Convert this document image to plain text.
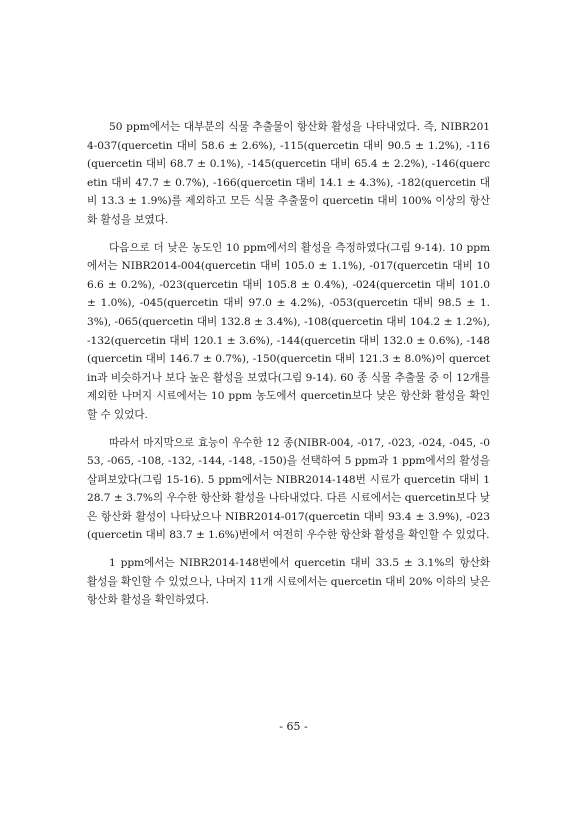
50 ppm에서는 대부분의 식물 추출물이 항산화 활성을 나타내었다. 즉, NIBR2014-037(quercetin 대비 58.6 ± 2.6%), -115(quercetin 대비 90.5 ± 1.2%), -116(quercetin 대비 68.7 ± 0.1%), -145(quercetin 대비 65.4 ± 2.2%), -146(quercetin 대비 47.7 ± 0.7%), -166(quercetin 대비 14.1 ± 4.3%), -182(quercetin 대비 13.3 ± 1.9%)를 제외하고 모든 식물 추출물이 quercetin 대비 100% 이상의 항산화 활성을 보였다.

다음으로 더 낮은 농도인 10 ppm에서의 활성을 측정하였다(그림 9-14). 10 ppm에서는 NIBR2014-004(quercetin 대비 105.0 ± 1.1%), -017(quercetin 대비 106.6 ± 0.2%), -023(quercetin 대비 105.8 ± 0.4%), -024(quercetin 대비 101.0 ± 1.0%), -045(quercetin 대비 97.0 ± 4.2%), -053(quercetin 대비 98.5 ± 1.3%), -065(quercetin 대비 132.8 ± 3.4%), -108(quercetin 대비 104.2 ± 1.2%), -132(quercetin 대비 120.1 ± 3.6%), -144(quercetin 대비 132.0 ± 0.6%), -148(quercetin 대비 146.7 ± 0.7%), -150(quercetin 대비 121.3 ± 8.0%)이 quercetin과 비슷하거나 보다 높은 활성을 보였다(그림 9-14). 60 종 식물 추출물 중 이 12개를 제외한 나머지 시료에서는 10 ppm 농도에서 quercetin보다 낮은 항산화 활성을 확인할 수 있었다.

따라서 마지막으로 효능이 우수한 12 종(NIBR-004, -017, -023, -024, -045, -053, -065, -108, -132, -144, -148, -150)을 선택하여 5 ppm과 1 ppm에서의 활성을 살펴보았다(그림 15-16). 5 ppm에서는 NIBR2014-148번 시료가 quercetin 대비 128.7 ± 3.7%의 우수한 항산화 활성을 나타내었다. 다른 시료에서는 quercetin보다 낮은 항산화 활성이 나타났으나 NIBR2014-017(quercetin 대비 93.4 ± 3.9%), -023(quercetin 대비 83.7 ± 1.6%)번에서 여전히 우수한 항산화 활성을 확인할 수 있었다.

1 ppm에서는 NIBR2014-148번에서 quercetin 대비 33.5 ± 3.1%의 항산화 활성을 확인할 수 있었으나, 나머지 11개 시료에서는 quercetin 대비 20% 이하의 낮은 항산화 활성을 확인하였다.

- 65 -
